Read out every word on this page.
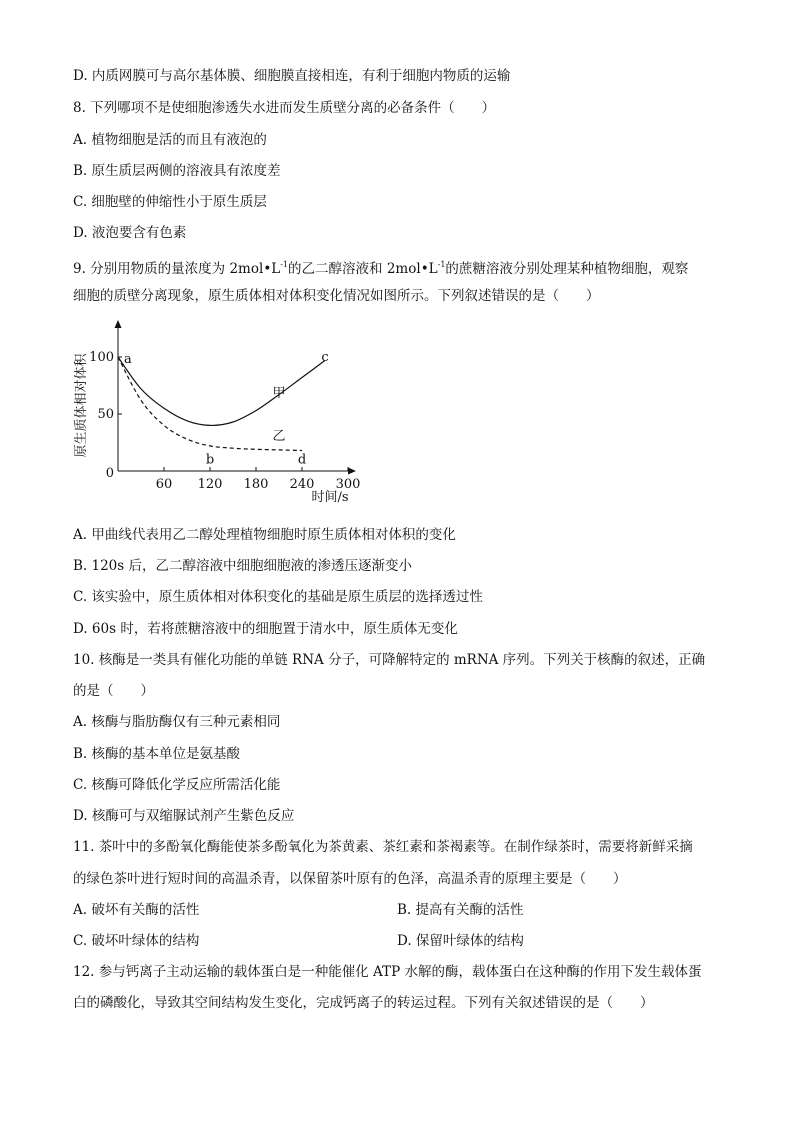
D. 内质网膜可与高尔基体膜、细胞膜直接相连，有利于细胞内物质的运输
8. 下列哪项不是使细胞渗透失水进而发生质壁分离的必备条件（　　）
A. 植物细胞是活的而且有液泡的
B. 原生质层两侧的溶液具有浓度差
C. 细胞壁的伸缩性小于原生质层
D. 液泡要含有色素
9. 分别用物质的量浓度为 $2mol•L^{-1}$的乙二醇溶液和 $2mol•L^{-1}$的蔗糖溶液分别处理某种植物细胞，观察
细胞的质壁分离现象，原生质体相对体积变化情况如图所示。下列叙述错误的是（　　）
60 120 180 240 300
0
50
100
时间/s
原生质体相对体积	a
b
c
d
甲
乙
A. 甲曲线代表用乙二醇处理植物细胞时原生质体相对体积的变化
B. 120s 后，乙二醇溶液中细胞细胞液的渗透压逐渐变小
C. 该实验中，原生质体相对体积变化的基础是原生质层的选择透过性
D. 60s 时，若将蔗糖溶液中的细胞置于清水中，原生质体无变化
10. 核酶是一类具有催化功能的单链 RNA 分子，可降解特定的 mRNA 序列。下列关于核酶的叙述，正确
的是（　　）
A. 核酶与脂肪酶仅有三种元素相同
B. 核酶的基本单位是氨基酸
C. 核酶可降低化学反应所需活化能
D. 核酶可与双缩脲试剂产生紫色反应
11. 茶叶中的多酚氧化酶能使茶多酚氧化为茶黄素、茶红素和茶褐素等。在制作绿茶时，需要将新鲜采摘
的绿色茶叶进行短时间的高温杀青，以保留茶叶原有的色泽，高温杀青的原理主要是（　　）
A. 破坏有关酶的活性	B. 提高有关酶的活性
C. 破坏叶绿体的结构	D. 保留叶绿体的结构
12. 参与钙离子主动运输的载体蛋白是一种能催化 ATP 水解的酶，载体蛋白在这种酶的作用下发生载体蛋
白的磷酸化，导致其空间结构发生变化，完成钙离子的转运过程。下列有关叙述错误的是（　　）
